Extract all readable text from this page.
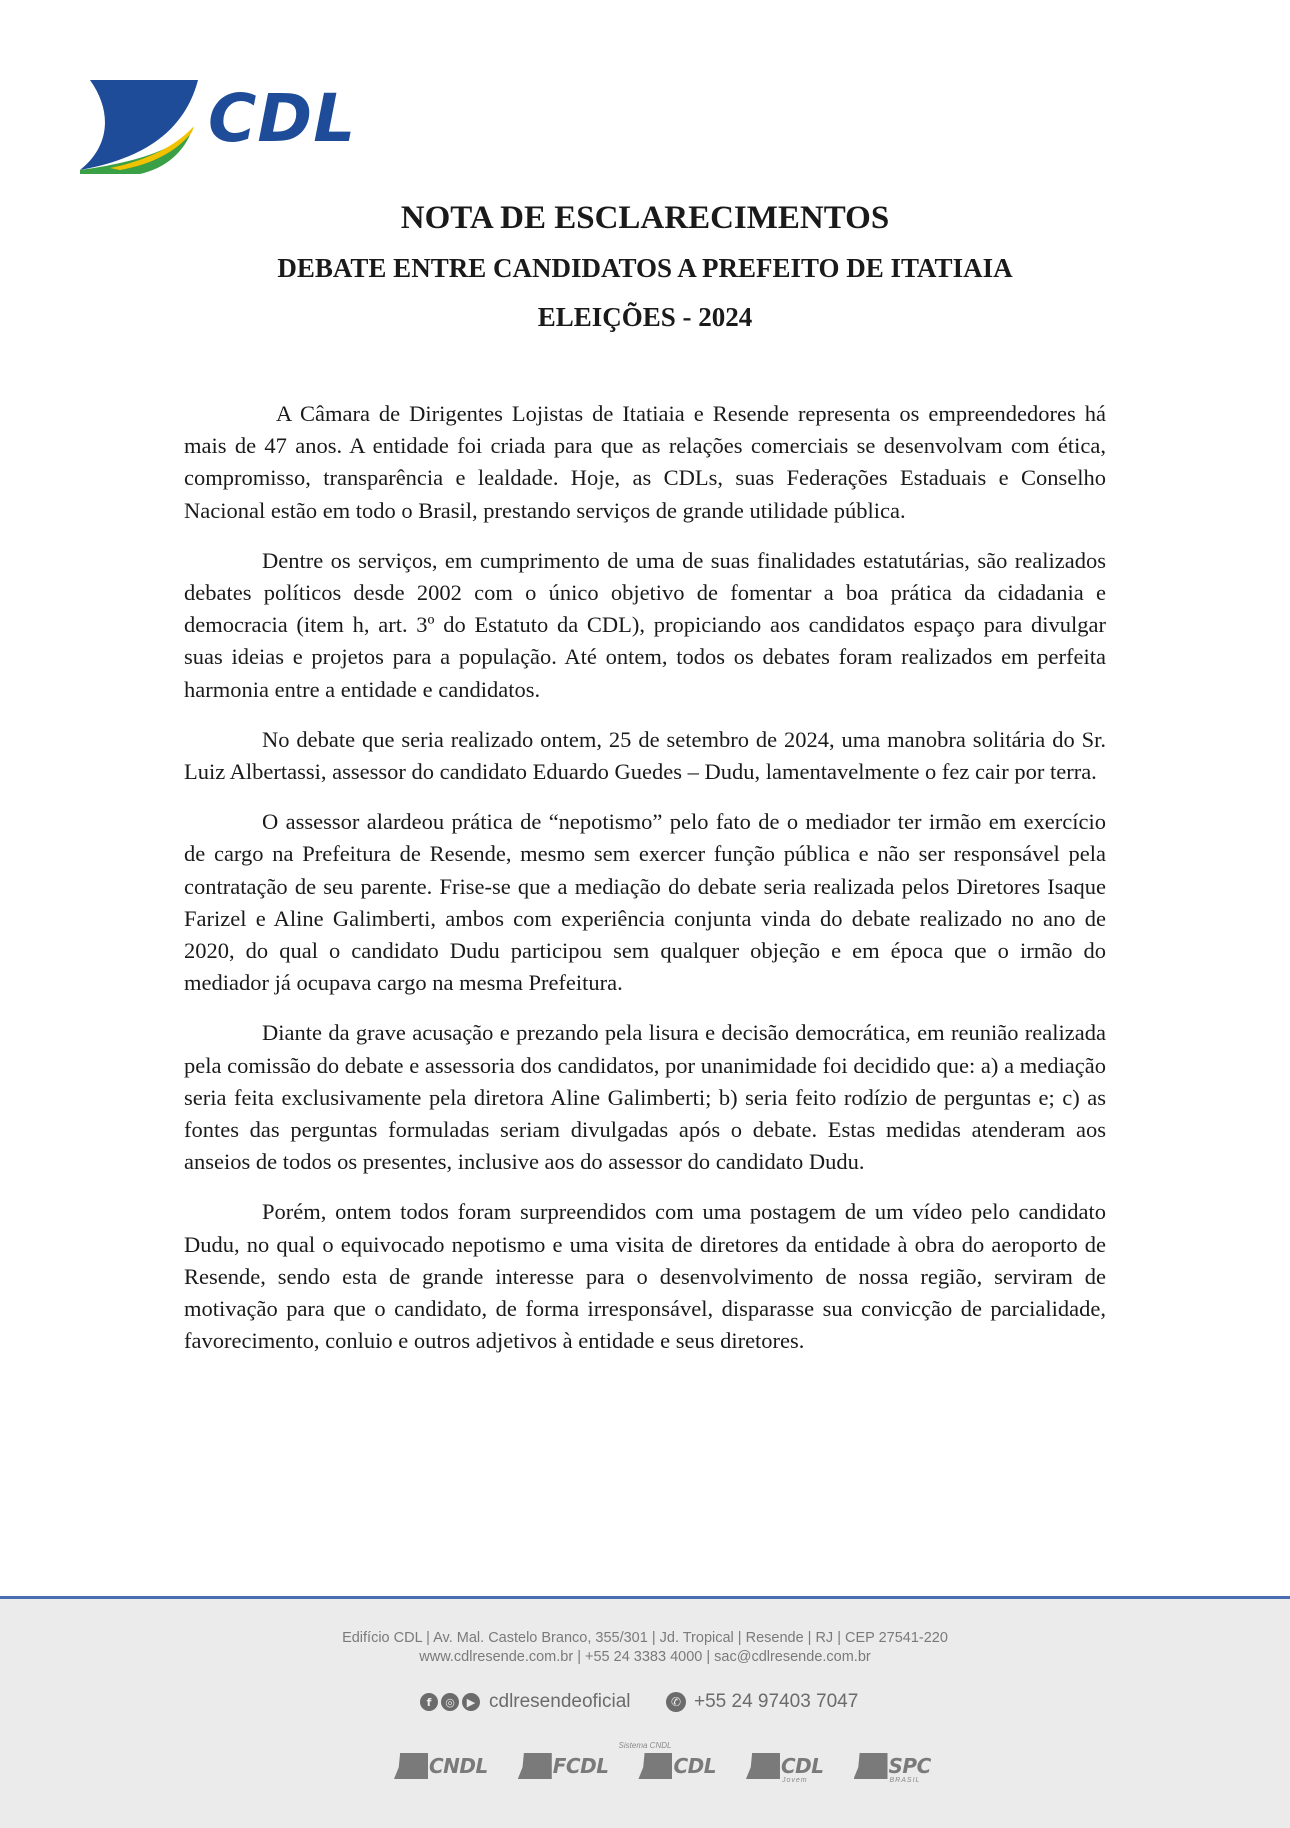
CDL
NOTA DE ESCLARECIMENTOS
DEBATE ENTRE CANDIDATOS A PREFEITO DE ITATIAIA
ELEIÇÕES - 2024

A Câmara de Dirigentes Lojistas de Itatiaia e Resende representa os empreendedores há mais de 47 anos. A entidade foi criada para que as relações comerciais se desenvolvam com ética, compromisso, transparência e lealdade. Hoje, as CDLs, suas Federações Estaduais e Conselho Nacional estão em todo o Brasil, prestando serviços de grande utilidade pública.

Dentre os serviços, em cumprimento de uma de suas finalidades estatutárias, são realizados debates políticos desde 2002 com o único objetivo de fomentar a boa prática da cidadania e democracia (item h, art. 3º do Estatuto da CDL), propiciando aos candidatos espaço para divulgar suas ideias e projetos para a população. Até ontem, todos os debates foram realizados em perfeita harmonia entre a entidade e candidatos.

No debate que seria realizado ontem, 25 de setembro de 2024, uma manobra solitária do Sr. Luiz Albertassi, assessor do candidato Eduardo Guedes – Dudu, lamentavelmente o fez cair por terra.

O assessor alardeou prática de “nepotismo” pelo fato de o mediador ter irmão em exercício de cargo na Prefeitura de Resende, mesmo sem exercer função pública e não ser responsável pela contratação de seu parente. Frise-se que a mediação do debate seria realizada pelos Diretores Isaque Farizel e Aline Galimberti, ambos com experiência conjunta vinda do debate realizado no ano de 2020, do qual o candidato Dudu participou sem qualquer objeção e em época que o irmão do mediador já ocupava cargo na mesma Prefeitura.

Diante da grave acusação e prezando pela lisura e decisão democrática, em reunião realizada pela comissão do debate e assessoria dos candidatos, por unanimidade foi decidido que: a) a mediação seria feita exclusivamente pela diretora Aline Galimberti; b) seria feito rodízio de perguntas e; c) as fontes das perguntas formuladas seriam divulgadas após o debate. Estas medidas atenderam aos anseios de todos os presentes, inclusive aos do assessor do candidato Dudu.

Porém, ontem todos foram surpreendidos com uma postagem de um vídeo pelo candidato Dudu, no qual o equivocado nepotismo e uma visita de diretores da entidade à obra do aeroporto de Resende, sendo esta de grande interesse para o desenvolvimento de nossa região, serviram de motivação para que o candidato, de forma irresponsável, disparasse sua convicção de parcialidade, favorecimento, conluio e outros adjetivos à entidade e seus diretores.

Edifício CDL | Av. Mal. Castelo Branco, 355/301 | Jd. Tropical | Resende | RJ | CEP 27541-220
www.cdlresende.com.br | +55 24 3383 4000 | sac@cdlresende.com.br
f	◎	▶ cdlresendeoficial	✆ +55 24 97403 7047
Sistema CNDL
CNDL	FCDL	CDL	CDL
Jovem
SPC
BRASIL
